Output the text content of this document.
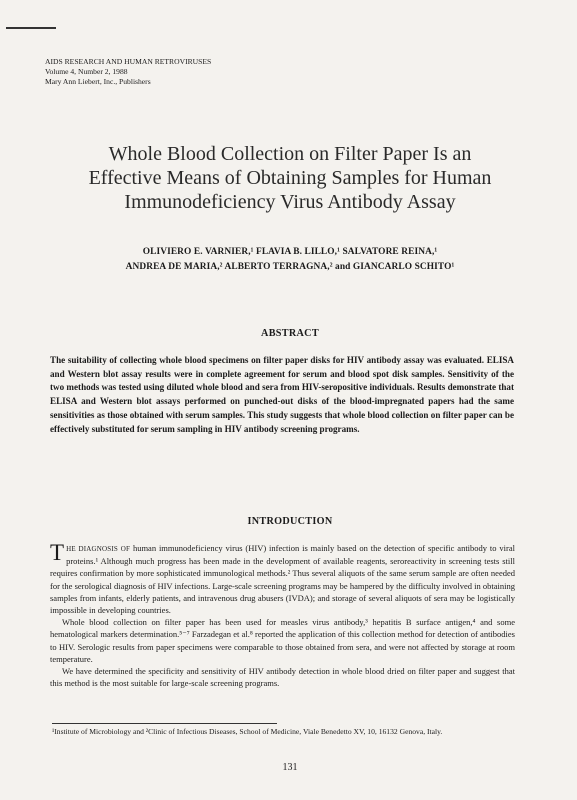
AIDS RESEARCH AND HUMAN RETROVIRUSES
Volume 4, Number 2, 1988
Mary Ann Liebert, Inc., Publishers
Whole Blood Collection on Filter Paper Is an
Effective Means of Obtaining Samples for Human
Immunodeficiency Virus Antibody Assay
OLIVIERO E. VARNIER,¹ FLAVIA B. LILLO,¹ SALVATORE REINA,¹
ANDREA DE MARIA,² ALBERTO TERRAGNA,² and GIANCARLO SCHITO¹
ABSTRACT
The suitability of collecting whole blood specimens on filter paper disks for HIV antibody assay was evaluated. ELISA and Western blot assay results were in complete agreement for serum and blood spot disk samples. Sensitivity of the two methods was tested using diluted whole blood and sera from HIV-seropositive individuals. Results demonstrate that ELISA and Western blot assays performed on punched-out disks of the blood-impregnated papers had the same sensitivities as those obtained with serum samples. This study suggests that whole blood collection on filter paper can be effectively substituted for serum sampling in HIV antibody screening programs.
INTRODUCTION

THE DIAGNOSIS OF human immunodeficiency virus (HIV) infection is mainly based on the detection of specific antibody to viral proteins.¹ Although much progress has been made in the development of available reagents, seroreactivity in screening tests still requires confirmation by more sophisticated immunological methods.² Thus several aliquots of the same serum sample are often needed for the serological diagnosis of HIV infections. Large-scale screening programs may be hampered by the difficulty involved in obtaining samples from infants, elderly patients, and intravenous drug abusers (IVDA); and storage of several aliquots of sera may be logistically impossible in developing countries.

Whole blood collection on filter paper has been used for measles virus antibody,³ hepatitis B surface antigen,⁴ and some hematological markers determination.⁵⁻⁷ Farzadegan et al.⁸ reported the application of this collection method for detection of antibodies to HIV. Serologic results from paper specimens were comparable to those obtained from sera, and were not affected by storage at room temperature.

We have determined the specificity and sensitivity of HIV antibody detection in whole blood dried on filter paper and suggest that this method is the most suitable for large-scale screening programs.

¹Institute of Microbiology and ²Clinic of Infectious Diseases, School of Medicine, Viale Benedetto XV, 10, 16132 Genova, Italy.
131
